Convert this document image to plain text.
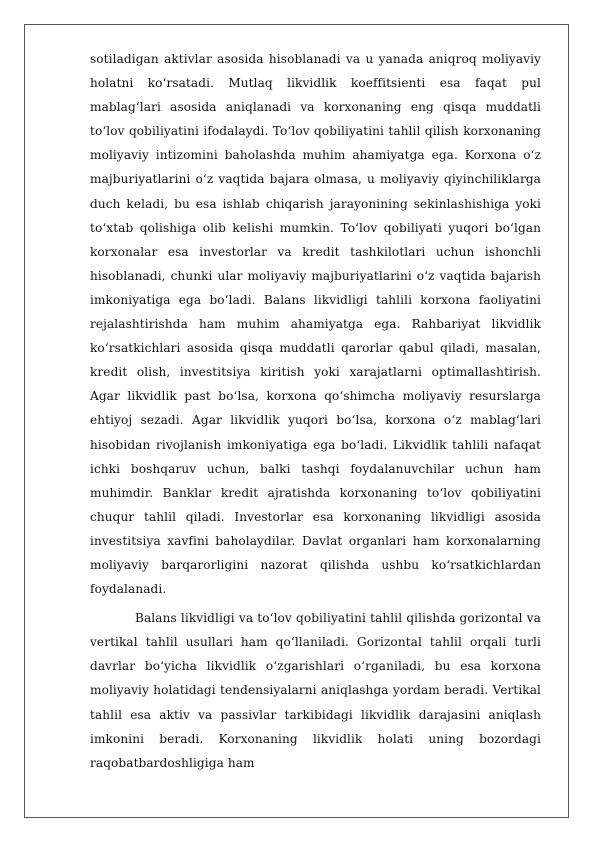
sotiladigan aktivlar asosida hisoblanadi va u yanada aniqroq moliyaviy holatni ko‘rsatadi. Mutlaq likvidlik koeffitsienti esa faqat pul mablag‘lari asosida aniqlanadi va korxonaning eng qisqa muddatli to‘lov qobiliyatini ifodalaydi. To‘lov qobiliyatini tahlil qilish korxonaning moliyaviy intizomini baholashda muhim ahamiyatga ega. Korxona o‘z majburiyatlarini o‘z vaqtida bajara olmasa, u moliyaviy qiyinchiliklarga duch keladi, bu esa ishlab chiqarish jarayonining sekinlashishiga yoki to‘xtab qolishiga olib kelishi mumkin. To‘lov qobiliyati yuqori bo‘lgan korxonalar esa investorlar va kredit tashkilotlari uchun ishonchli hisoblanadi, chunki ular moliyaviy majburiyatlarini o‘z vaqtida bajarish imkoniyatiga ega bo‘ladi. Balans likvidligi tahlili korxona faoliyatini rejalashtirishda ham muhim ahamiyatga ega. Rahbariyat likvidlik ko‘rsatkichlari asosida qisqa muddatli qarorlar qabul qiladi, masalan, kredit olish, investitsiya kiritish yoki xarajatlarni optimallashtirish. Agar likvidlik past bo‘lsa, korxona qo‘shimcha moliyaviy resurslarga ehtiyoj sezadi. Agar likvidlik yuqori bo‘lsa, korxona o‘z mablag‘lari hisobidan rivojlanish imkoniyatiga ega bo‘ladi. Likvidlik tahlili nafaqat ichki boshqaruv uchun, balki tashqi foydalanuvchilar uchun ham muhimdir. Banklar kredit ajratishda korxonaning to‘lov qobiliyatini chuqur tahlil qiladi. Investorlar esa korxonaning likvidligi asosida investitsiya xavfini baholaydilar. Davlat organlari ham korxonalarning moliyaviy barqarorligini nazorat qilishda ushbu ko‘rsatkichlardan foydalanadi.

Balans likvidligi va to‘lov qobiliyatini tahlil qilishda gorizontal va vertikal tahlil usullari ham qo‘llaniladi. Gorizontal tahlil orqali turli davrlar bo‘yicha likvidlik o‘zgarishlari o‘rganiladi, bu esa korxona moliyaviy holatidagi tendensiyalarni aniqlashga yordam beradi. Vertikal tahlil esa aktiv va passivlar tarkibidagi likvidlik darajasini aniqlash imkonini beradi. Korxonaning likvidlik holati uning bozordagi raqobatbardoshligiga ham
